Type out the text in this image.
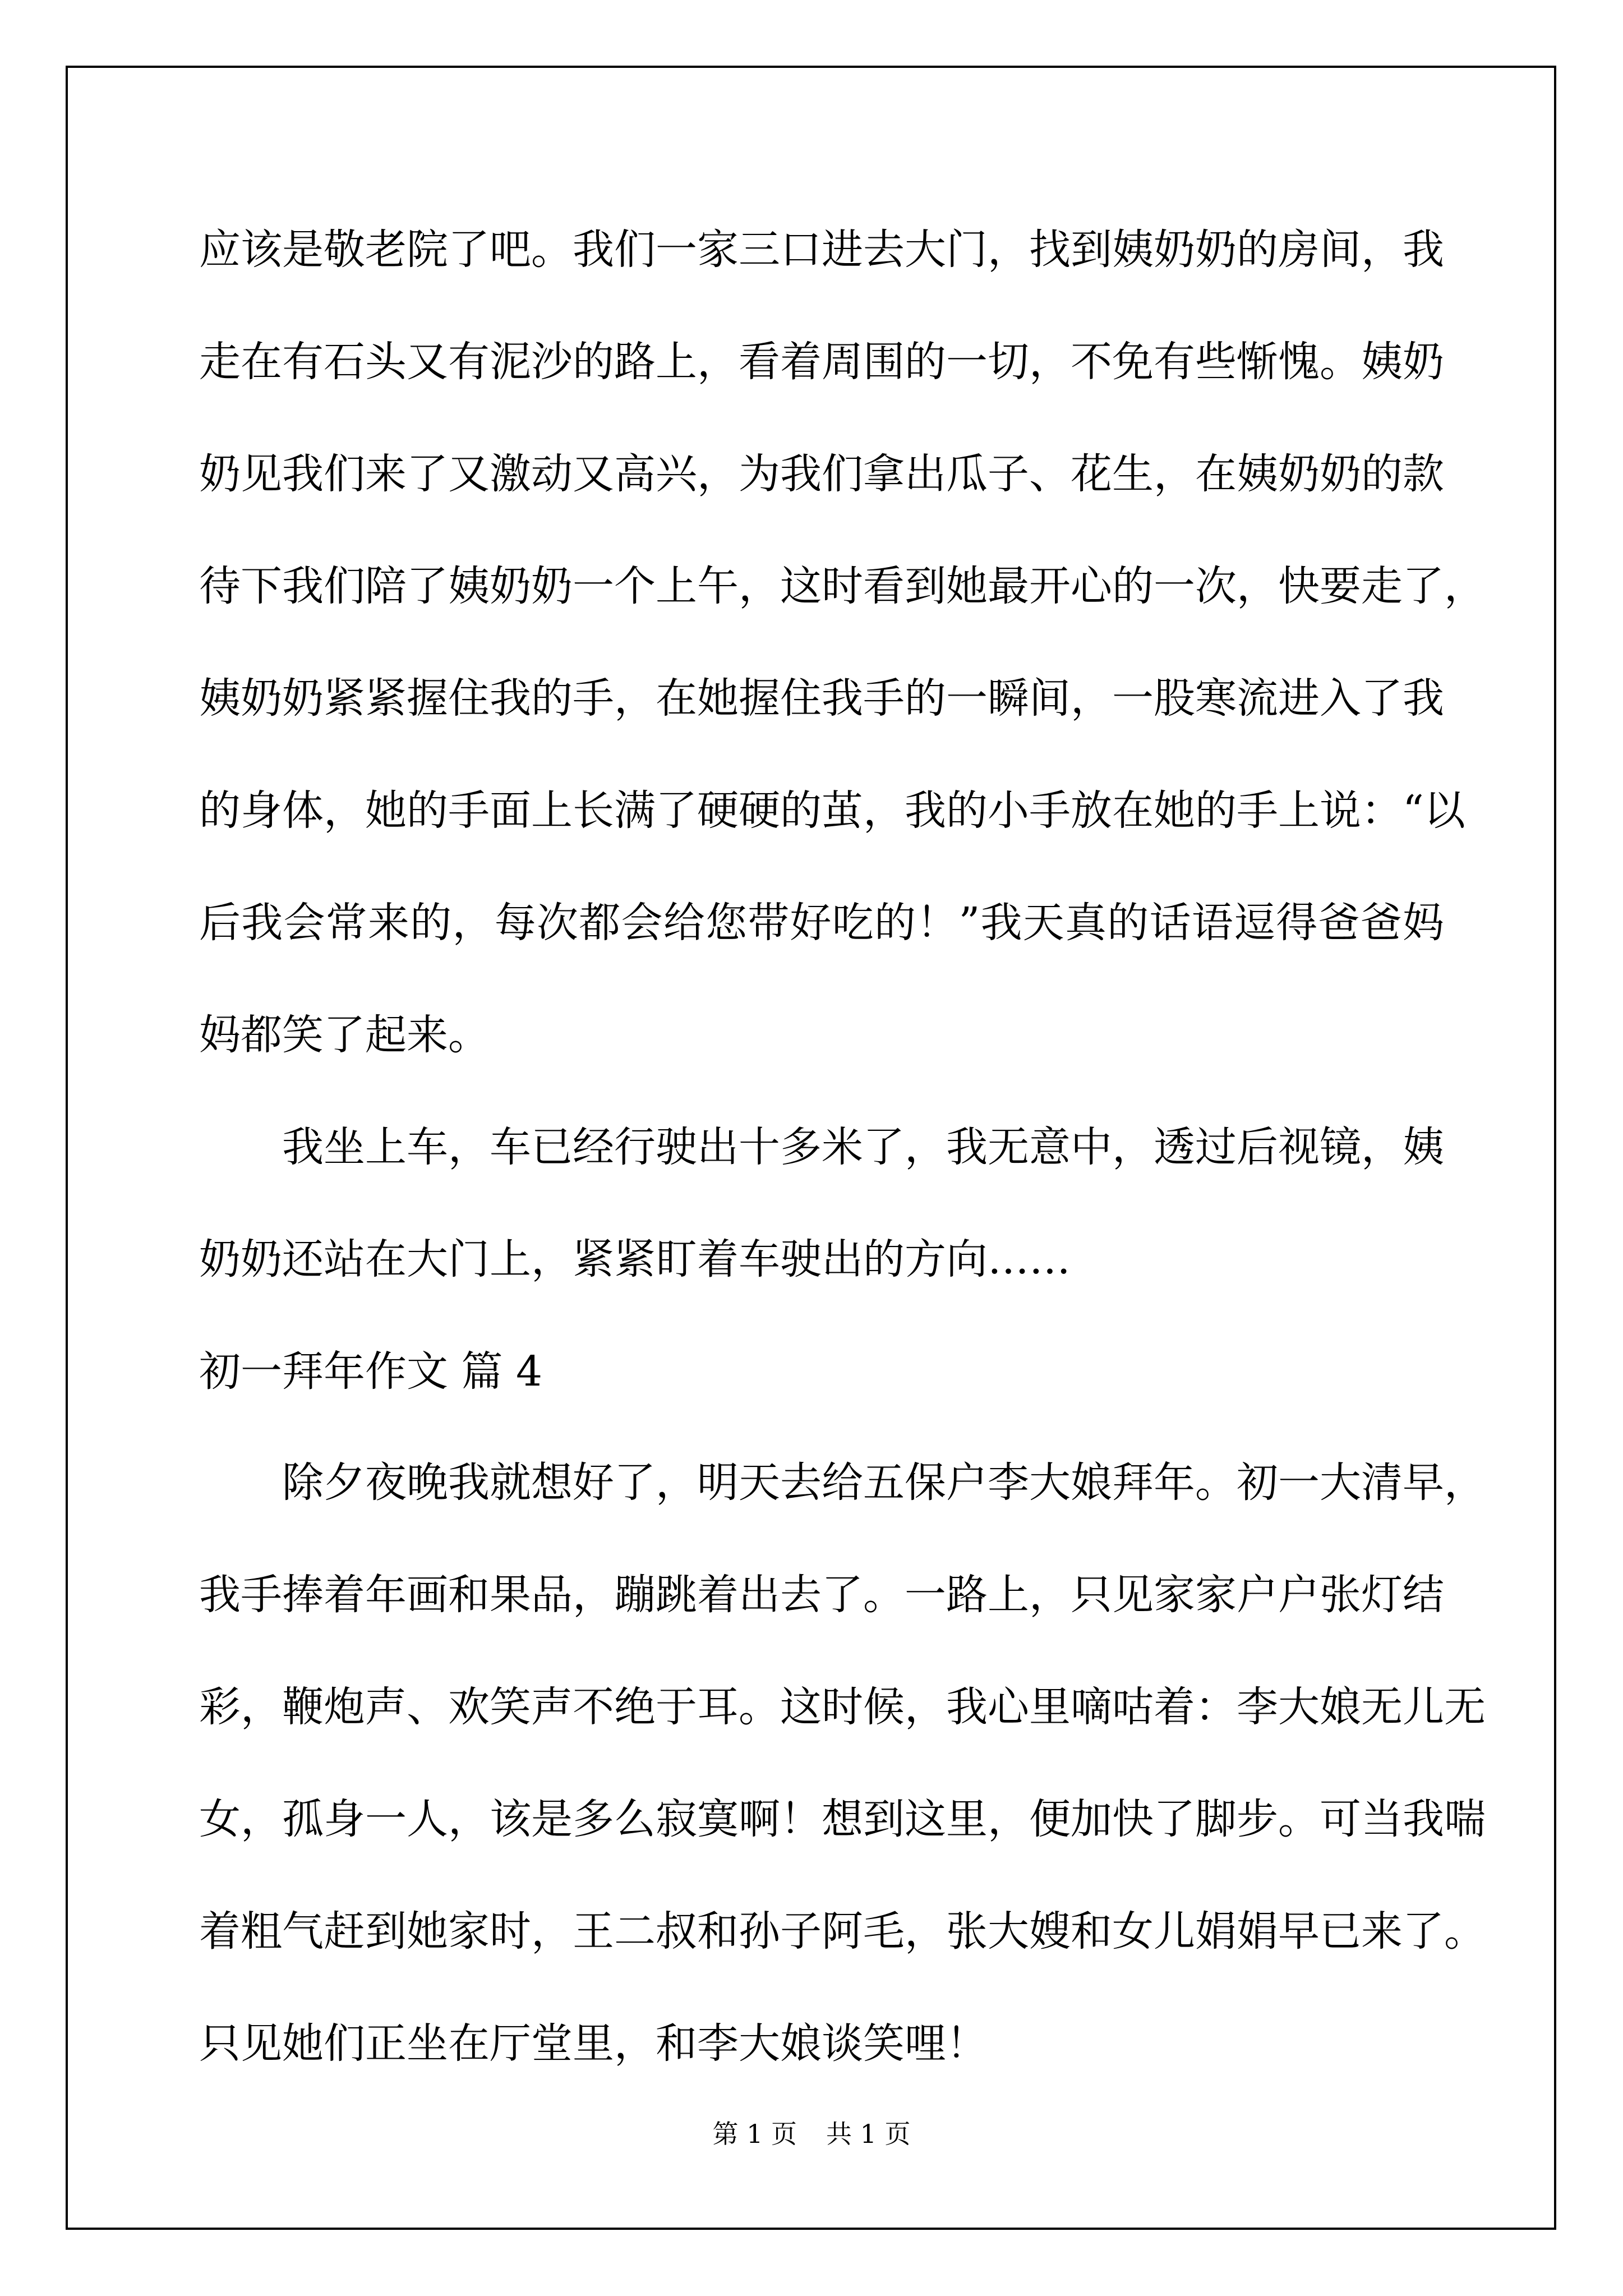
应该是敬老院了吧。我们一家三口进去大门，找到姨奶奶的房间，我
走在有石头又有泥沙的路上，看着周围的一切，不免有些惭愧。姨奶
奶见我们来了又激动又高兴，为我们拿出瓜子、花生，在姨奶奶的款
待下我们陪了姨奶奶一个上午，这时看到她最开心的一次，快要走了，
姨奶奶紧紧握住我的手，在她握住我手的一瞬间，一股寒流进入了我
的身体，她的手面上长满了硬硬的茧，我的小手放在她的手上说：“以
后我会常来的，每次都会给您带好吃的！”我天真的话语逗得爸爸妈
妈都笑了起来。
我坐上车，车已经行驶出十多米了，我无意中，透过后视镜，姨
奶奶还站在大门上，紧紧盯着车驶出的方向……
初一拜年作文 篇 4
除夕夜晚我就想好了，明天去给五保户李大娘拜年。初一大清早，
我手捧着年画和果品，蹦跳着出去了。一路上，只见家家户户张灯结
彩，鞭炮声、欢笑声不绝于耳。这时候，我心里嘀咕着：李大娘无儿无
女，孤身一人，该是多么寂寞啊！想到这里，便加快了脚步。可当我喘
着粗气赶到她家时，王二叔和孙子阿毛，张大嫂和女儿娟娟早已来了。
只见她们正坐在厅堂里，和李大娘谈笑哩！
第 1 页 共 1 页
